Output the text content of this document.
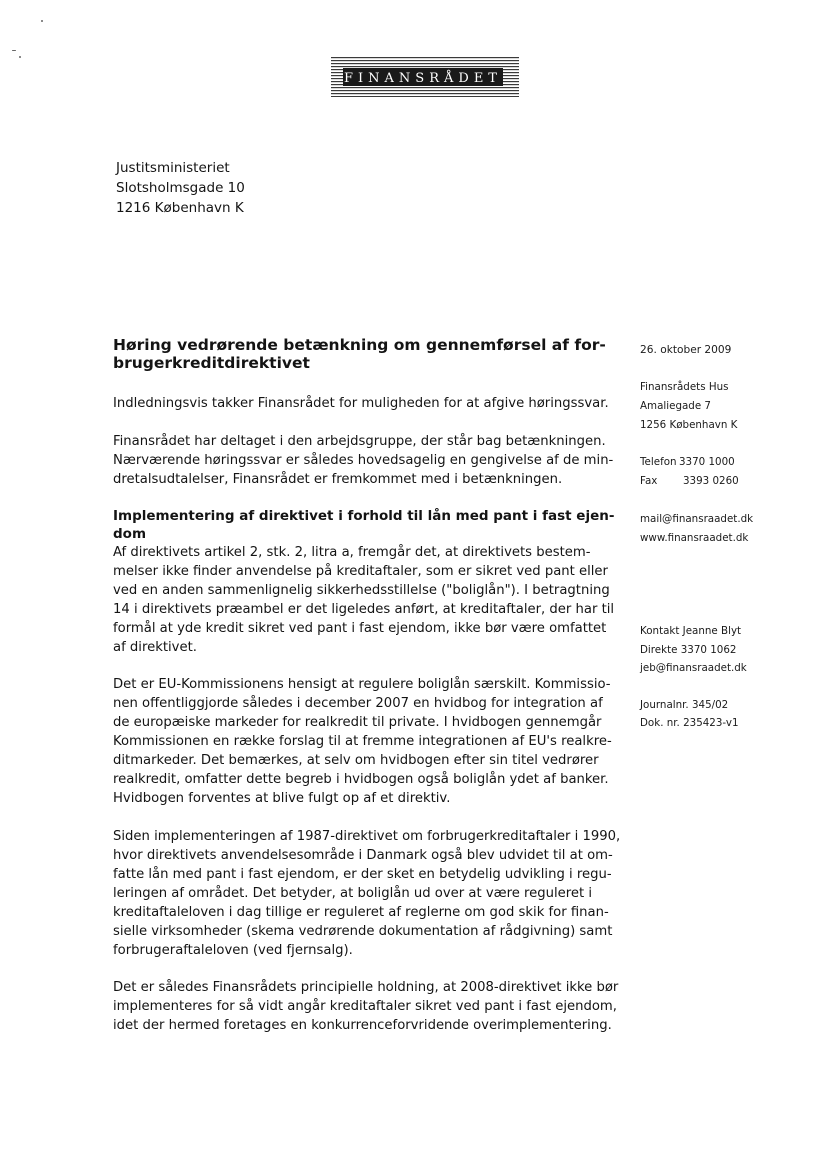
FINANSRÅDET
Justitsministeriet
Slotsholmsgade 10
1216 København K
Høring vedrørende betænkning om gennemførsel af for-
brugerkreditdirektivet

Indledningsvis takker Finansrådet for muligheden for at afgive høringssvar.

Finansrådet har deltaget i den arbejdsgruppe, der står bag betænkningen.
Nærværende høringssvar er således hovedsagelig en gengivelse af de min-
dretalsudtalelser, Finansrådet er fremkommet med i betænkningen.
Implementering af direktivet i forhold til lån med pant i fast ejen-
dom
Af direktivets artikel 2, stk. 2, litra a, fremgår det, at direktivets bestem-
melser ikke finder anvendelse på kreditaftaler, som er sikret ved pant eller
ved en anden sammenlignelig sikkerhedsstillelse ("boliglån"). I betragtning
14 i direktivets præambel er det ligeledes anført, at kreditaftaler, der har til
formål at yde kredit sikret ved pant i fast ejendom, ikke bør være omfattet
af direktivet.
Det er EU-Kommissionens hensigt at regulere boliglån særskilt. Kommissio-
nen offentliggjorde således i december 2007 en hvidbog for integration af
de europæiske markeder for realkredit til private. I hvidbogen gennemgår
Kommissionen en række forslag til at fremme integrationen af EU's realkre-
ditmarkeder. Det bemærkes, at selv om hvidbogen efter sin titel vedrører
realkredit, omfatter dette begreb i hvidbogen også boliglån ydet af banker.
Hvidbogen forventes at blive fulgt op af et direktiv.
Siden implementeringen af 1987-direktivet om forbrugerkreditaftaler i 1990,
hvor direktivets anvendelsesområde i Danmark også blev udvidet til at om-
fatte lån med pant i fast ejendom, er der sket en betydelig udvikling i regu-
leringen af området. Det betyder, at boliglån ud over at være reguleret i
kreditaftaleloven i dag tillige er reguleret af reglerne om god skik for finan-
sielle virksomheder (skema vedrørende dokumentation af rådgivning) samt
forbrugeraftaleloven (ved fjernsalg).
Det er således Finansrådets principielle holdning, at 2008-direktivet ikke bør
implementeres for så vidt angår kreditaftaler sikret ved pant i fast ejendom,
idet der hermed foretages en konkurrenceforvridende overimplementering.
26. oktober 2009
Finansrådets Hus
Amaliegade 7
1256 København K
Telefon 3370 1000
Fax 3393 0260
mail@finansraadet.dk
www.finansraadet.dk
Kontakt Jeanne Blyt
Direkte 3370 1062
jeb@finansraadet.dk
Journalnr. 345/02
Dok. nr. 235423-v1
